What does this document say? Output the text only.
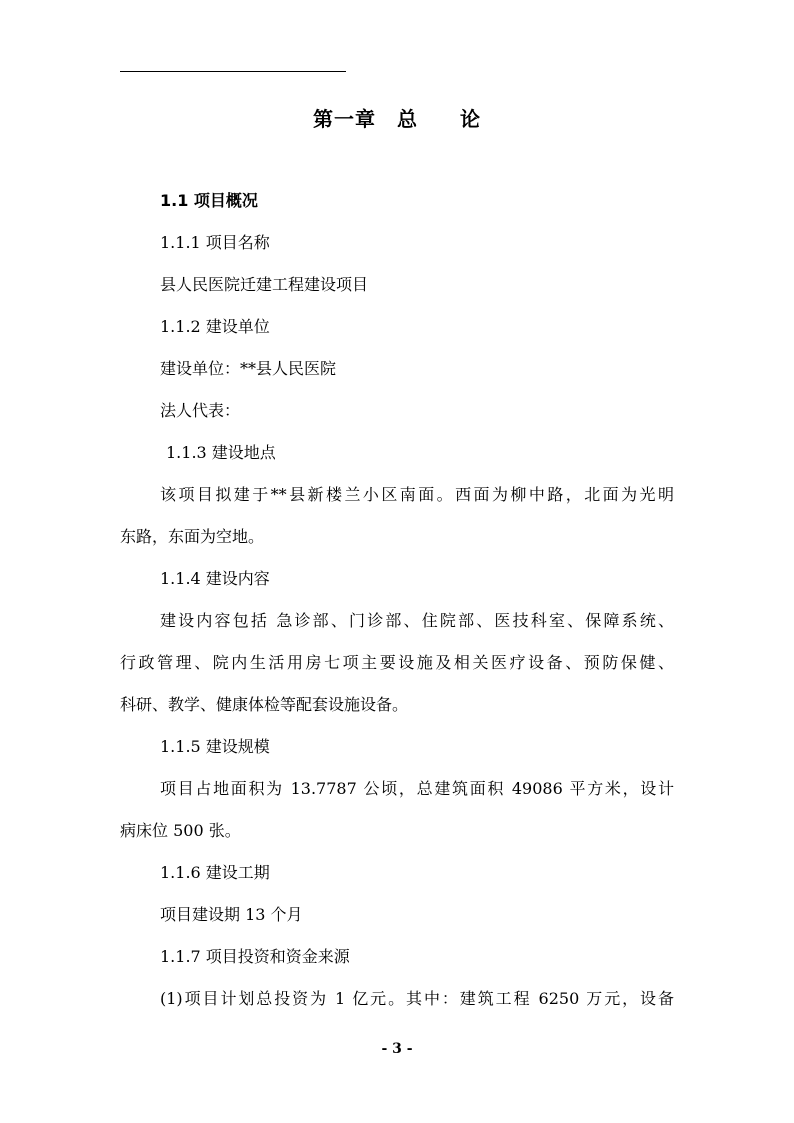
第一章　总　　论
1.1 项目概况
1.1.1 项目名称
县人民医院迁建工程建设项目
1.1.2 建设单位
建设单位：**县人民医院
法人代表：
1.1.3 建设地点
该项目拟建于**县新楼兰小区南面。西面为柳中路，北面为光明
东路，东面为空地。
1.1.4 建设内容
建设内容包括 急诊部、门诊部、住院部、医技科室、保障系统、
行政管理、院内生活用房七项主要设施及相关医疗设备、预防保健、
科研、教学、健康体检等配套设施设备。
1.1.5 建设规模
项目占地面积为 13.7787 公顷，总建筑面积 49086 平方米，设计
病床位 500 张。
1.1.6 建设工期
项目建设期 13 个月
1.1.7 项目投资和资金来源
(1)项目计划总投资为 1 亿元。其中：建筑工程 6250 万元，设备
- 3 -
